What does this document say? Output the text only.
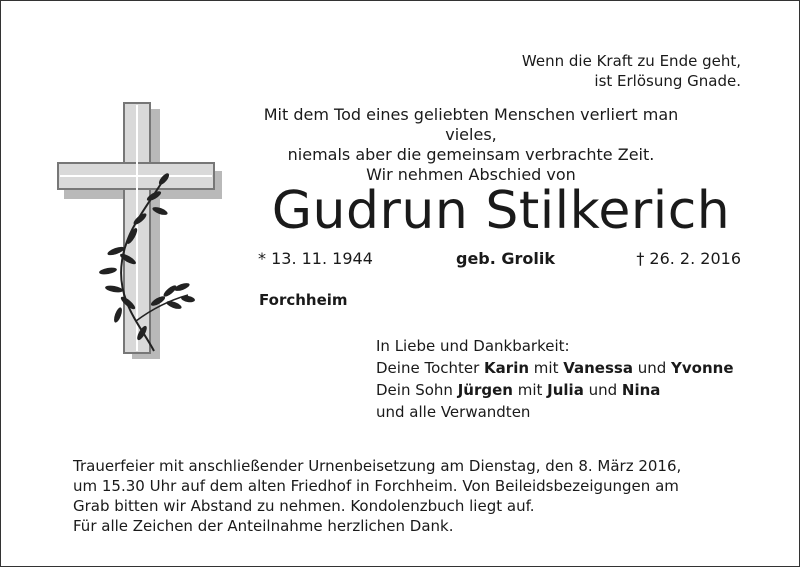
Wenn die Kraft zu Ende geht,
ist Erlösung Gnade.
Mit dem Tod eines geliebten Menschen verliert man vieles,
niemals aber die gemeinsam verbrachte Zeit.
Wir nehmen Abschied von
Gudrun Stilkerich
* 13. 11. 1944	geb. Grolik	† 26. 2. 2016
Forchheim
In Liebe und Dankbarkeit:
Deine Tochter Karin mit Vanessa und Yvonne
Dein Sohn Jürgen mit Julia und Nina
und alle Verwandten
Trauerfeier mit anschließender Urnenbeisetzung am Dienstag, den 8. März 2016,
um 15.30 Uhr auf dem alten Friedhof in Forchheim. Von Beileidsbezeigungen am
Grab bitten wir Abstand zu nehmen. Kondolenzbuch liegt auf.
Für alle Zeichen der Anteilnahme herzlichen Dank.
